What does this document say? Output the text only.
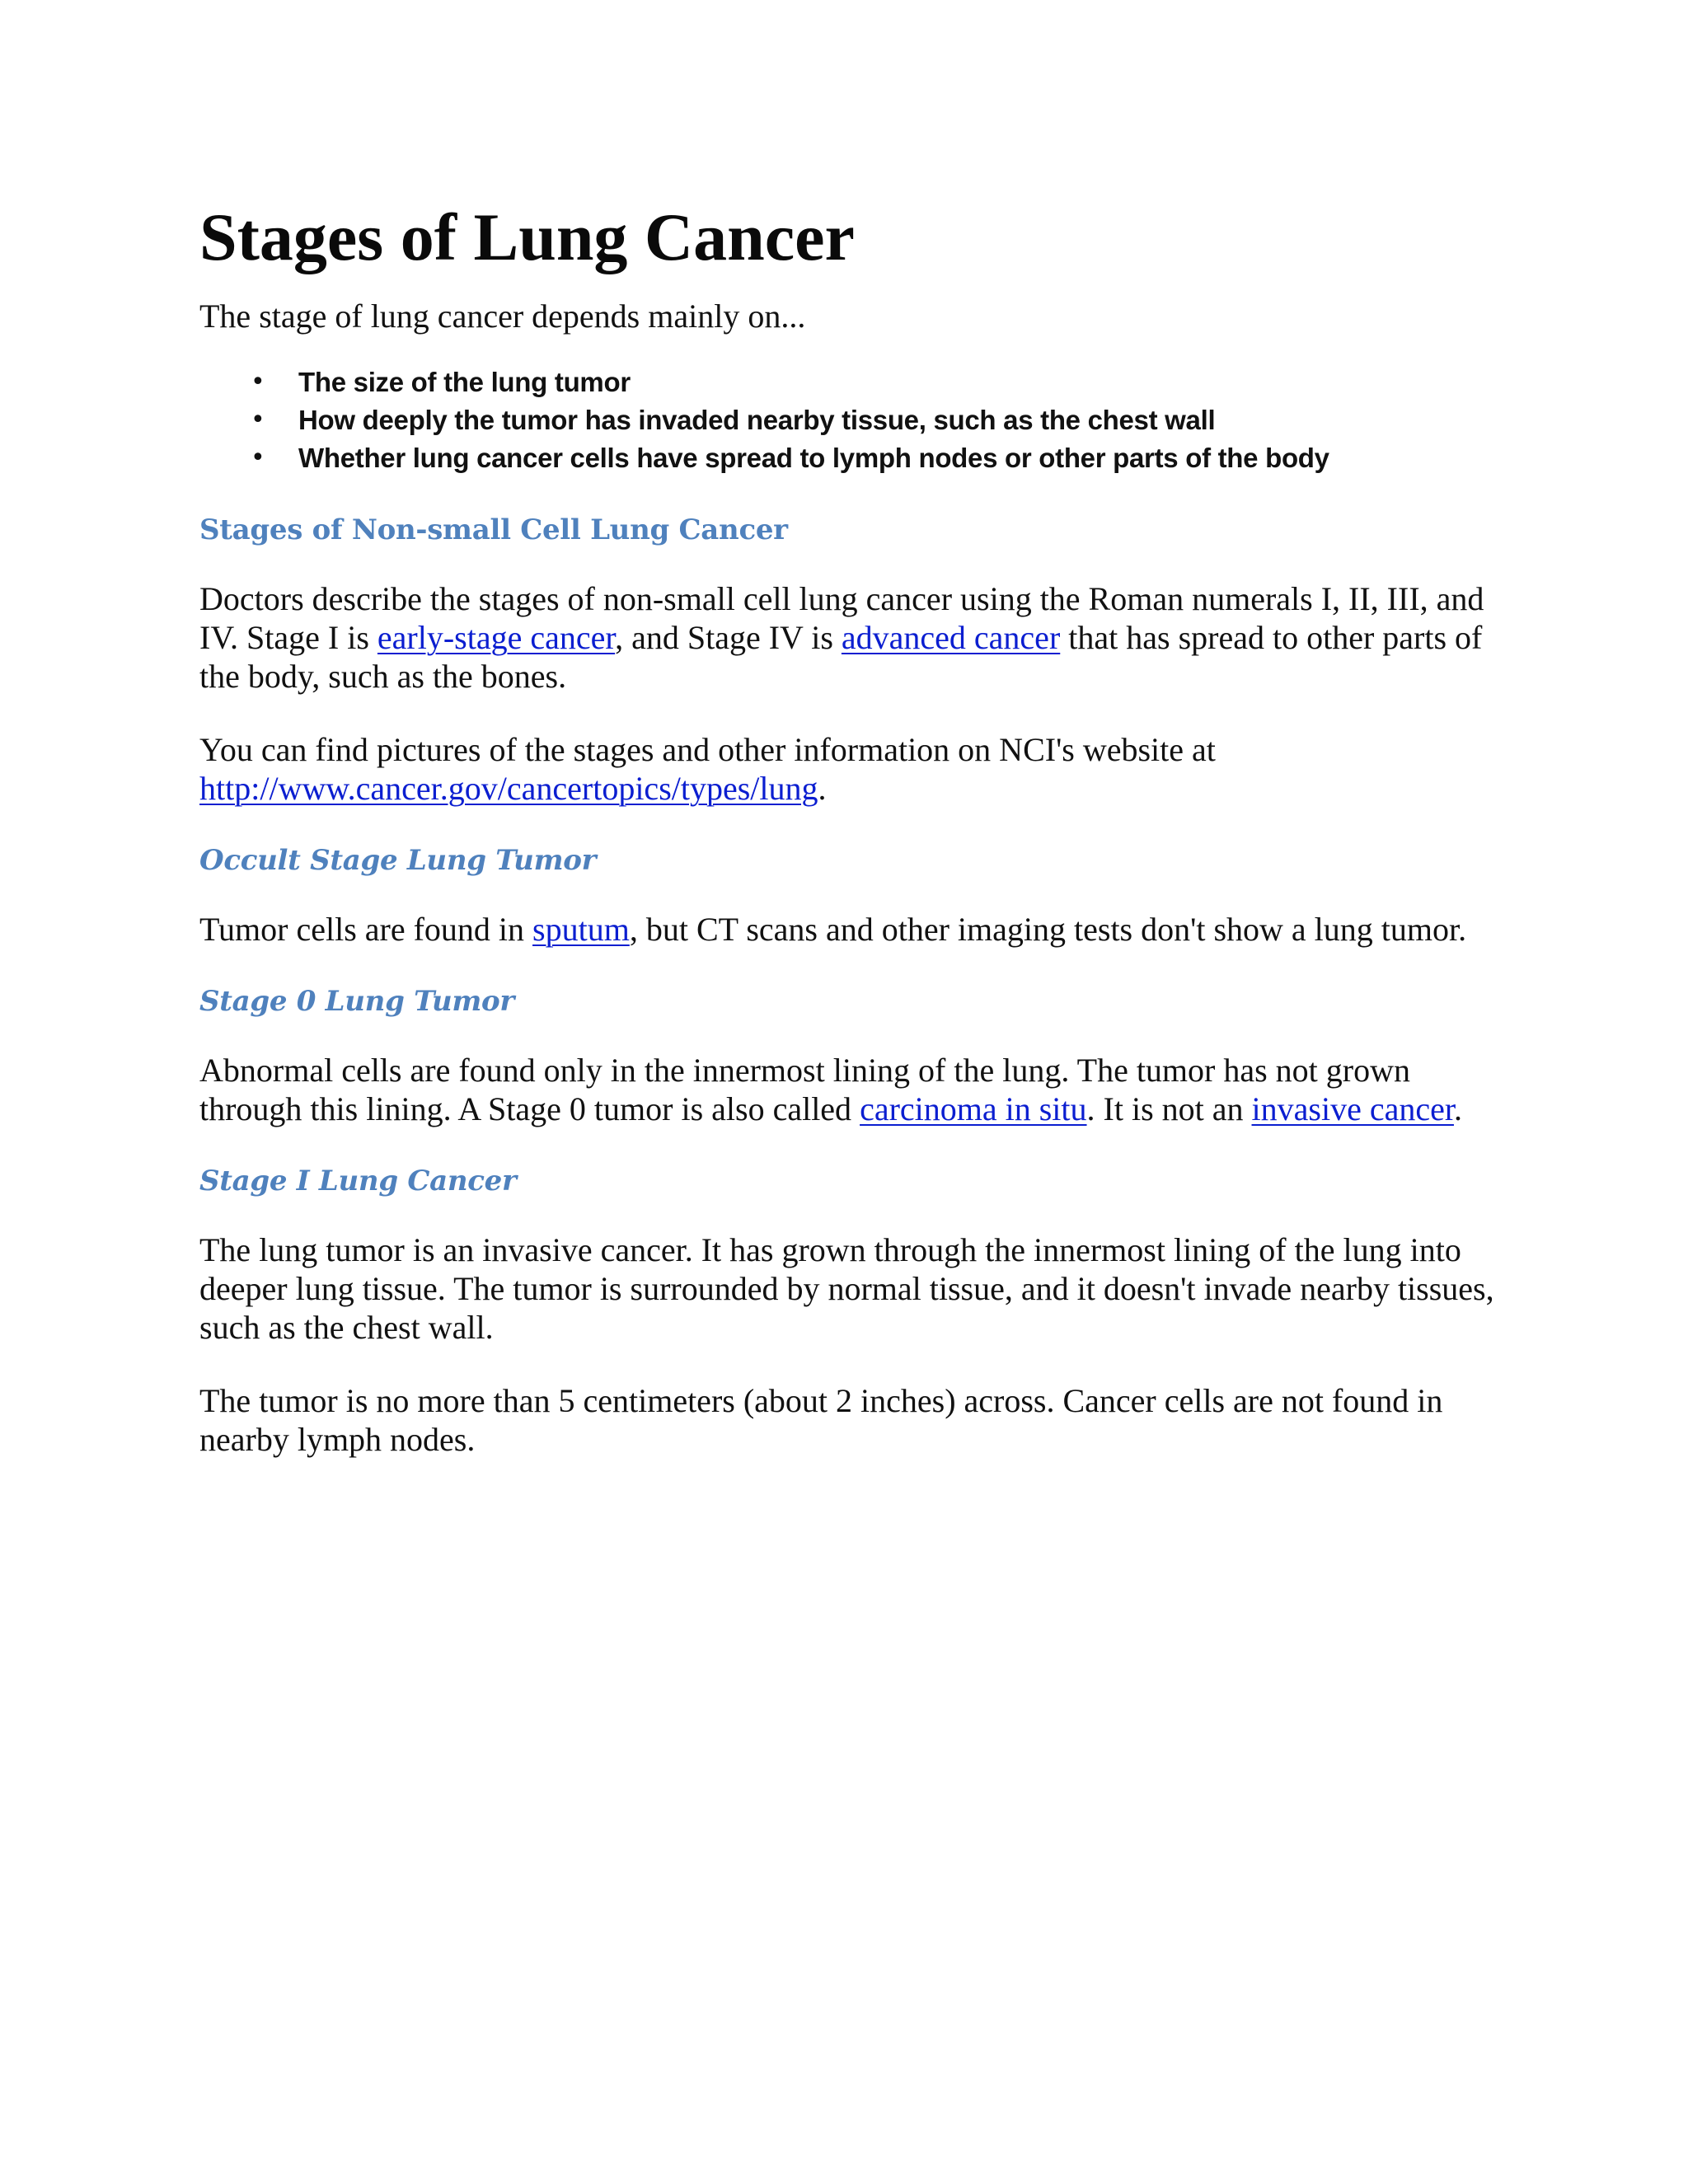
Stages of Lung Cancer

The stage of lung cancer depends mainly on...

• The size of the lung tumor
• How deeply the tumor has invaded nearby tissue, such as the chest wall
• Whether lung cancer cells have spread to lymph nodes or other parts of the body
Stages of Non-small Cell Lung Cancer

Doctors describe the stages of non-small cell lung cancer using the Roman numerals I, II, III, and IV. Stage I is early-stage cancer, and Stage IV is advanced cancer that has spread to other parts of the body, such as the bones.

You can find pictures of the stages and other information on NCI's website at http://www.cancer.gov/cancertopics/types/lung.

Occult Stage Lung Tumor

Tumor cells are found in sputum, but CT scans and other imaging tests don't show a lung tumor.

Stage 0 Lung Tumor

Abnormal cells are found only in the innermost lining of the lung. The tumor has not grown through this lining. A Stage 0 tumor is also called carcinoma in situ. It is not an invasive cancer.

Stage I Lung Cancer

The lung tumor is an invasive cancer. It has grown through the innermost lining of the lung into deeper lung tissue. The tumor is surrounded by normal tissue, and it doesn't invade nearby tissues, such as the chest wall.

The tumor is no more than 5 centimeters (about 2 inches) across. Cancer cells are not found in nearby lymph nodes.
